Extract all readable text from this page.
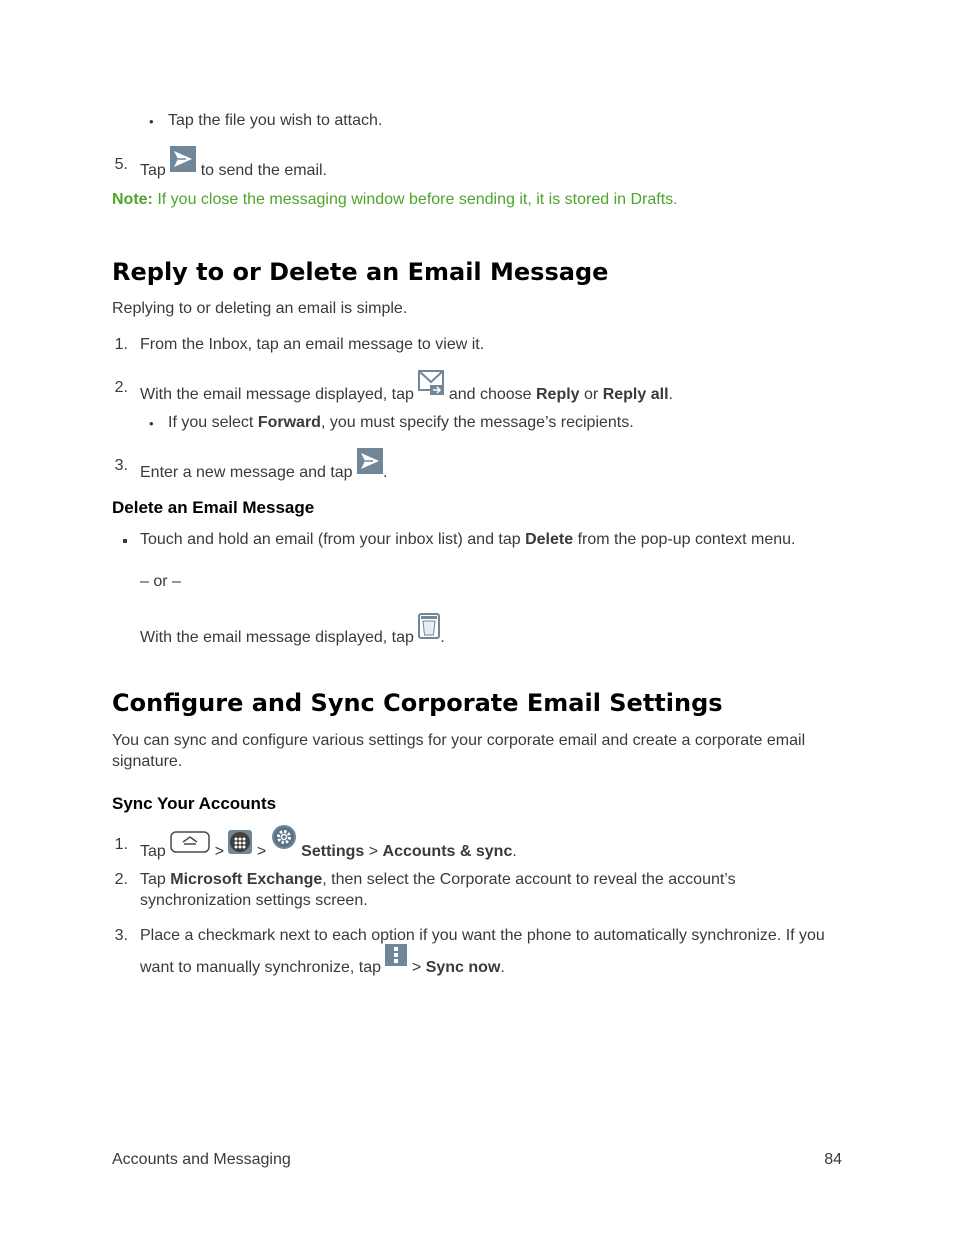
• Tap the file you wish to attach.
5. Tap to send the email.
Note: If you close the messaging window before sending it, it is stored in Drafts.
Reply to or Delete an Email Message
Replying to or deleting an email is simple.
1. From the Inbox, tap an email message to view it.
2. With the email message displayed, tap
and choose Reply or Reply all.
• If you select Forward, you must specify the message’s recipients.
3. Enter a new message and tap .
Delete an Email Message
Touch and hold an email (from your inbox list) and tap Delete from the pop-up context menu.
– or –
With the email message displayed, tap .
Configure and Sync Corporate Email Settings
You can sync and configure various settings for your corporate email and create a corporate email
signature.
Sync Your Accounts
1. Tap	>
>
Settings > Accounts & sync.
2. Tap Microsoft Exchange, then select the Corporate account to reveal the account’s
synchronization settings screen.
3. Place a checkmark next to each option if you want the phone to automatically synchronize. If you
want to manually synchronize, tap
> Sync now.
Accounts and Messaging	84
